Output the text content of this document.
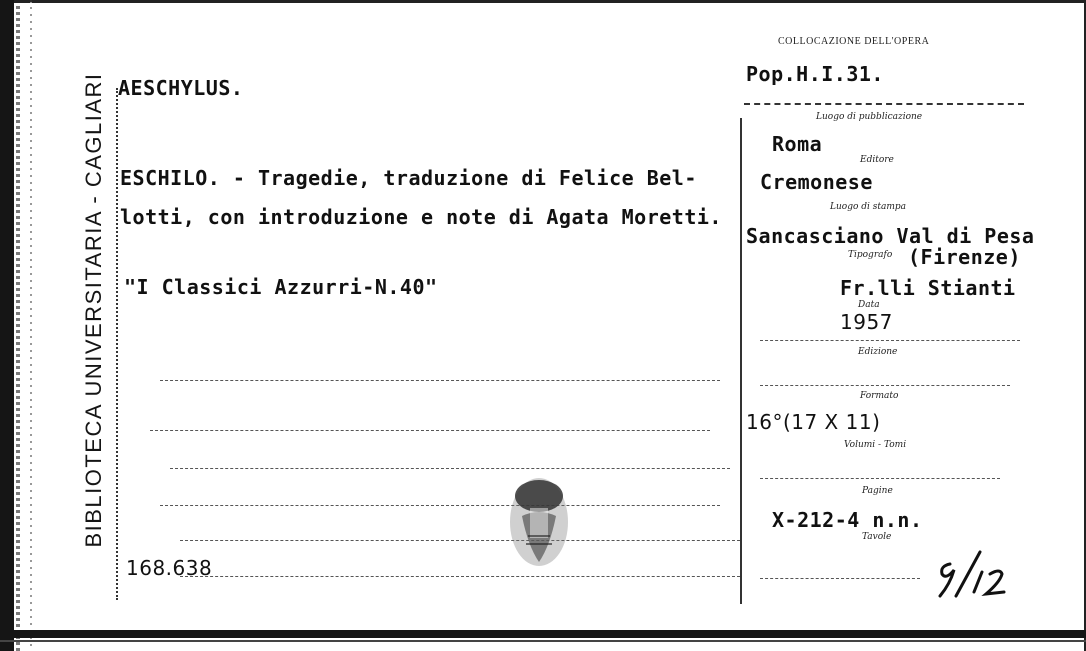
BIBLIOTECA UNIVERSITARIA - CAGLIARI
COLLOCAZIONE DELL'OPERA
Pop.H.I.31.
AESCHYLUS.
ESCHILO. - Tragedie, traduzione di Felice Bel-
lotti, con introduzione e note di Agata Moretti.
"I Classici Azzurri-N.40"
168.638
Luogo di pubblicazione
Roma
Editore
Cremonese
Luogo di stampa
Sancasciano Val di Pesa
Tipografo (Firenze)
Fr.lli Stianti
Data
1957
Edizione
Formato
16°(17 X 11)
Volumi - Tomi
Pagine
X-212-4 n.n.
Tavole
